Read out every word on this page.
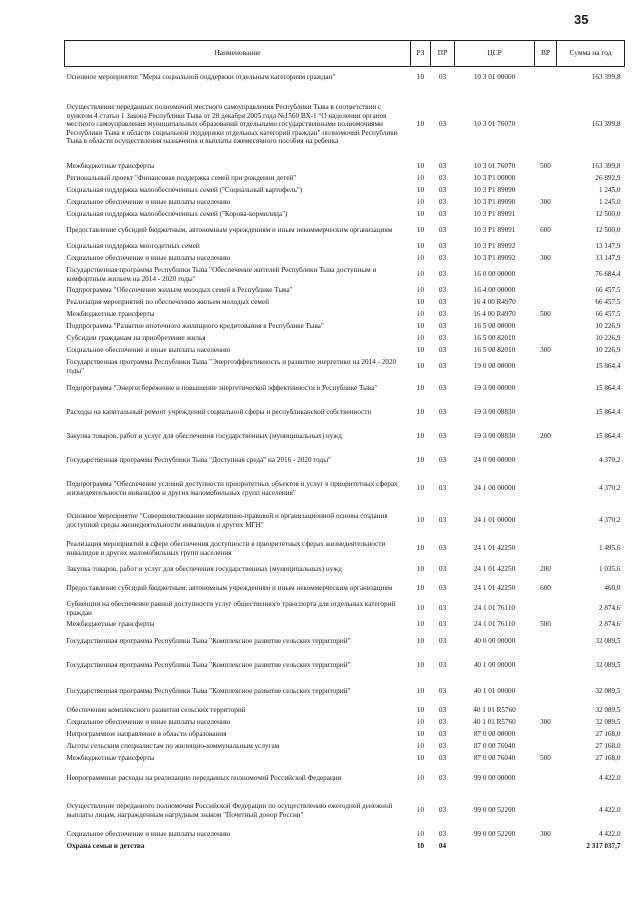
35
Наименование	РЗ	ПР	ЦСР	ВР	Сумма на год
Основное мероприятие "Меры социальной поддержки отдельным категориям граждан"	10	03	10 3 01 00000		163 399,8
Осуществление переданных полномочий местного самоуправления Республики Тыва в соответствии с пунктом 4 статьи 1 Закона Республики Тыва от 28 декабря 2005 года №1560 ВХ-1 "О наделении органов местного самоуправления муниципальных образований отдельными государственными полномочиями Республики Тыва в области социальной поддержки отдельных категорий граждан" полномочий Республики Тыва в области осуществления назначения и выплаты ежемесячного пособия на ребенка	10	03	10 3 01 76070		163 399,8
Межбюджетные трансферты	10	03	10 3 01 76070	500	163 399,8
Региональный проект "Финансовая поддержка семей при рождении детей"	10	03	10 3 P1 00000		26 892,9
Социальная поддержка малообеспеченных семей ("Социальный картофель")	10	03	10 3 P1 89090		1 245,0
Социальное обеспечение и иные выплаты населению	10	03	10 3 P1 89090	300	1 245,0
Социальная поддержка малообеспеченных семей ("Корова-кормилица")	10	03	10 3 P1 89091		12 500,0
Предоставление субсидий бюджетным, автономным учреждениям и иным некоммерческим организациям	10	03	10 3 P1 89091	600	12 500,0
Социальная поддержка многодетных семей	10	03	10 3 P1 89092		13 147,9
Социальное обеспечение и иные выплаты населению	10	03	10 3 P1 89092	300	13 147,9
Государственная программа Республики Тыва "Обеспечение жителей Республики Тыва доступным и комфортным жильем на 2014 - 2020 годы"	10	03	16 0 00 00000		76 684,4
Подпрограмма "Обеспечение жильем молодых семей в Республике Тыва"	10	03	16 4 00 00000		66 457,5
Реализация мероприятий по обеспечению жильем молодых семей	10	03	16 4 00 R4970		66 457,5
Межбюджетные трансферты	10	03	16 4 00 R4970	500	66 457,5
Подпрограмма "Развитие ипотечного жилищного кредитования в Республике Тыва"	10	03	16 5 00 00000		10 226,9
Субсидии гражданам на приобретение жилья	10	03	16 5 00 82010		10 226,9
Социальное обеспечение и иные выплаты населению	10	03	16 5 00 82010	300	10 226,9
Государственная программа Республики Тыва "Энергоэффективность и развитие энергетики на 2014 - 2020 годы"	10	03	19 0 00 00000		15 864,4
Подпрограмма "Энергосбережение и повышение энергетической эффективности в Республике Тыва"	10	03	19 3 00 00000		15 864,4
Расходы на капитальный ремонт учреждений социальной сферы и республиканской собственности	10	03	19 3 00 08830		15 864,4
Закупка товаров, работ и услуг для обеспечения государственных (муниципальных) нужд	10	03	19 3 00 08830	200	15 864,4
Государственная программа Республики Тыва "Доступная среда" на 2016 - 2020 годы"	10	03	24 0 00 00000		4 370,2
Подпрограмма "Обеспечение условий доступности приоритетных объектов и услуг в приоритетных сферах жизнедеятельности инвалидов и других маломобильных групп населения"	10	03	24 1 00 00000		4 370,2
Основное мероприятие "Совершенствование нормативно-правовой и организационной основы создания доступной среды жизнедеятельности инвалидов и других МГН"	10	03	24 1 01 00000		4 370,2
Реализация мероприятий в сфере обеспечения доступности в приоритетных сферах жизнедеятельности инвалидов и других маломобильных групп населения	10	03	24 1 01 42250		1 495,6
Закупка товаров, работ и услуг для обеспечения государственных (муниципальных) нужд	10	03	24 1 01 42250	200	1 035,6
Предоставление субсидий бюджетным, автономным учреждениям и иным некоммерческим организациям	10	03	24 1 01 42250	600	460,0
Субвенции на обеспечение равной доступности услуг общественного транспорта для отдельных категорий граждан	10	03	24 1 01 76110		2 874,6
Межбюджетные трансферты	10	03	24 1 01 76110	500	2 874,6
Государственная программа Республики Тыва "Комплексное развитие сельских территорий"	10	03	40 0 00 00000		32 089,5
Государственная программа Республики Тыва "Комплексное развитие сельских территорий"	10	03	40 1 00 00000		32 089,5
Государственная программа Республики Тыва "Комплексное развитие сельских территорий"	10	03	40 1 01 00000		32 089,5
Обеспечение комплексного развития сельских территорий	10	03	40 1 01 R5760		32 089,5
Социальное обеспечение и иные выплаты населению	10	03	40 1 01 R5760	300	32 089,5
Непрограммное направление в области образования	10	03	87 0 00 00000		27 168,0
Льготы сельским специалистам по жилищно-коммунальным услугам	10	03	87 0 00 76040		27 168,0
Межбюджетные трансферты	10	03	87 0 00 76040	500	27 168,0
Непрограммные расходы на реализацию переданных полномочий Российской Федерации	10	03	99 0 00 00000		4 422,0
Осуществление переданного полномочия Российской Федерации по осуществлению ежегодной денежной выплаты лицам, награжденным нагрудным знаком "Почетный донор России"	10	03	99 0 00 52200		4 422,0
Социальное обеспечение и иные выплаты населению	10	03	99 0 00 52200	300	4 422,0
Охрана семьи и детства	10	04			2 317 037,7
